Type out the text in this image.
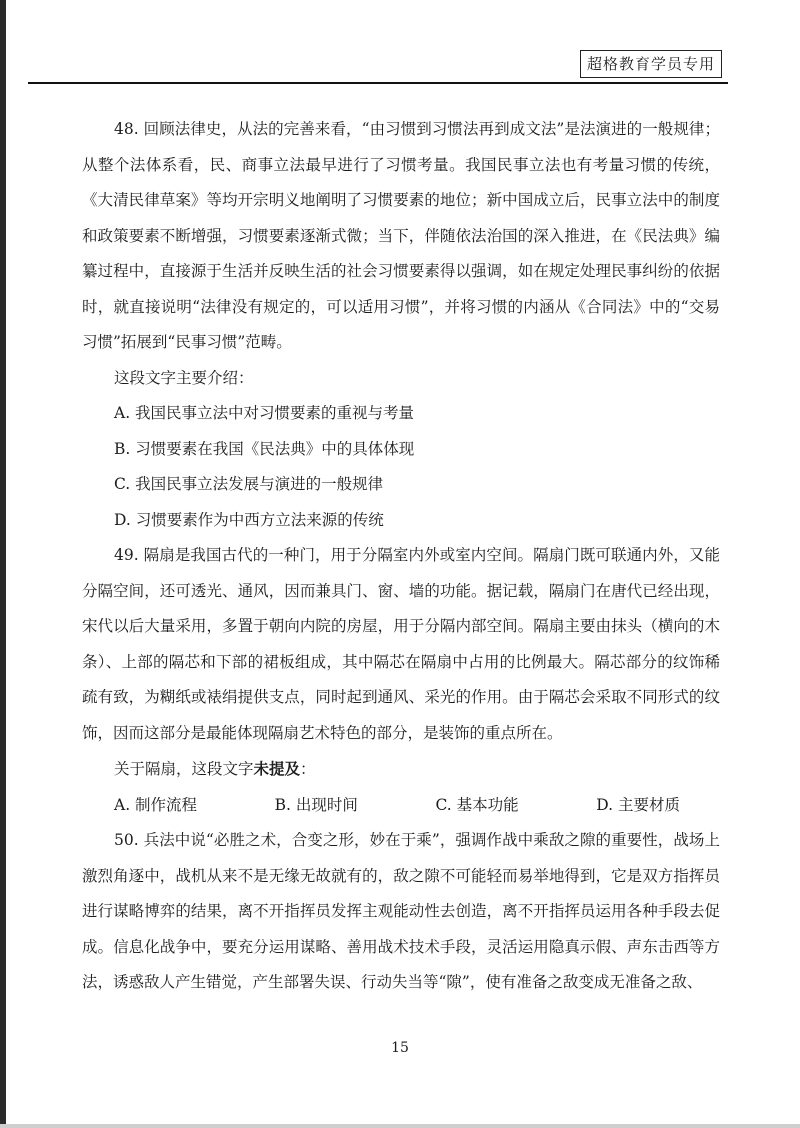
超格教育学员专用

48. 回顾法律史，从法的完善来看，“由习惯到习惯法再到成文法”是法演进的一般规律；从整个法体系看，民、商事立法最早进行了习惯考量。我国民事立法也有考量习惯的传统，《大清民律草案》等均开宗明义地阐明了习惯要素的地位；新中国成立后，民事立法中的制度和政策要素不断增强，习惯要素逐渐式微；当下，伴随依法治国的深入推进，在《民法典》编纂过程中，直接源于生活并反映生活的社会习惯要素得以强调，如在规定处理民事纠纷的依据时，就直接说明“法律没有规定的，可以适用习惯”，并将习惯的内涵从《合同法》中的“交易习惯”拓展到“民事习惯”范畴。

这段文字主要介绍：

A. 我国民事立法中对习惯要素的重视与考量

B. 习惯要素在我国《民法典》中的具体体现

C. 我国民事立法发展与演进的一般规律

D. 习惯要素作为中西方立法来源的传统

49. 隔扇是我国古代的一种门，用于分隔室内外或室内空间。隔扇门既可联通内外，又能分隔空间，还可透光、通风，因而兼具门、窗、墙的功能。据记载，隔扇门在唐代已经出现，宋代以后大量采用，多置于朝向内院的房屋，用于分隔内部空间。隔扇主要由抹头（横向的木条）、上部的隔芯和下部的裙板组成，其中隔芯在隔扇中占用的比例最大。隔芯部分的纹饰稀疏有致，为糊纸或裱绢提供支点，同时起到通风、采光的作用。由于隔芯会采取不同形式的纹饰，因而这部分是最能体现隔扇艺术特色的部分，是装饰的重点所在。

关于隔扇，这段文字未提及：

A. 制作流程	B. 出现时间	C. 基本功能	D. 主要材质

50. 兵法中说“必胜之术，合变之形，妙在于乘”，强调作战中乘敌之隙的重要性，战场上激烈角逐中，战机从来不是无缘无故就有的，敌之隙不可能轻而易举地得到，它是双方指挥员进行谋略博弈的结果，离不开指挥员发挥主观能动性去创造，离不开指挥员运用各种手段去促成。信息化战争中，要充分运用谋略、善用战术技术手段，灵活运用隐真示假、声东击西等方法，诱惑敌人产生错觉，产生部署失误、行动失当等“隙”，使有准备之敌变成无准备之敌、

15
